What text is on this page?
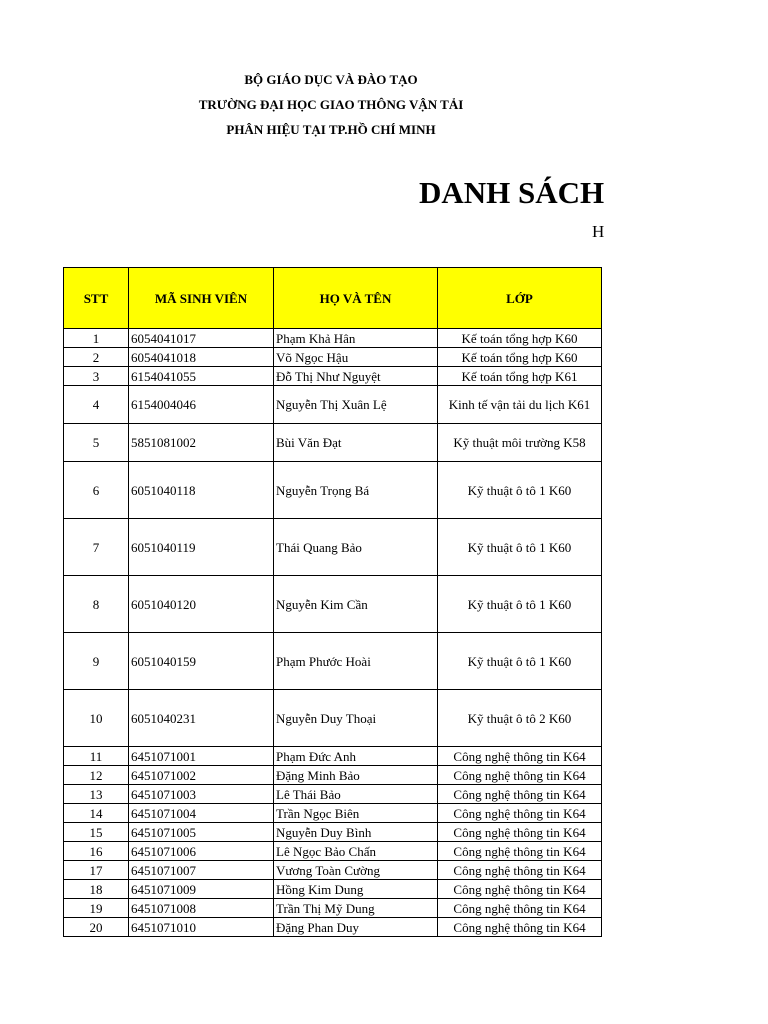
BỘ GIÁO DỤC VÀ ĐÀO TẠO
TRƯỜNG ĐẠI HỌC GIAO THÔNG VẬN TẢI
PHÂN HIỆU TẠI TP.HỒ CHÍ MINH
DANH SÁCH
H
STT	MÃ SINH VIÊN	HỌ VÀ TÊN	LỚP
1	6054041017	Phạm Khả Hân	Kế toán tổng hợp K60
2	6054041018	Võ Ngọc Hậu	Kế toán tổng hợp K60
3	6154041055	Đỗ Thị Như Nguyệt	Kế toán tổng hợp K61
4	6154004046	Nguyễn Thị Xuân Lệ	Kinh tế vận tải du lịch K61
5	5851081002	Bùi Văn Đạt	Kỹ thuật môi trường K58
6	6051040118	Nguyễn Trọng Bá	Kỹ thuật ô tô 1 K60
7	6051040119	Thái Quang Bảo	Kỹ thuật ô tô 1 K60
8	6051040120	Nguyễn Kim Cần	Kỹ thuật ô tô 1 K60
9	6051040159	Phạm Phước Hoài	Kỹ thuật ô tô 1 K60
10	6051040231	Nguyễn Duy Thoại	Kỹ thuật ô tô 2 K60
11	6451071001	Phạm Đức Anh	Công nghệ thông tin K64
12	6451071002	Đặng Minh Bảo	Công nghệ thông tin K64
13	6451071003	Lê Thái Bảo	Công nghệ thông tin K64
14	6451071004	Trần Ngọc Biên	Công nghệ thông tin K64
15	6451071005	Nguyễn Duy Bình	Công nghệ thông tin K64
16	6451071006	Lê Ngọc Bảo Chấn	Công nghệ thông tin K64
17	6451071007	Vương Toàn Cường	Công nghệ thông tin K64
18	6451071009	Hồng Kim Dung	Công nghệ thông tin K64
19	6451071008	Trần Thị Mỹ Dung	Công nghệ thông tin K64
20	6451071010	Đặng Phan Duy	Công nghệ thông tin K64
